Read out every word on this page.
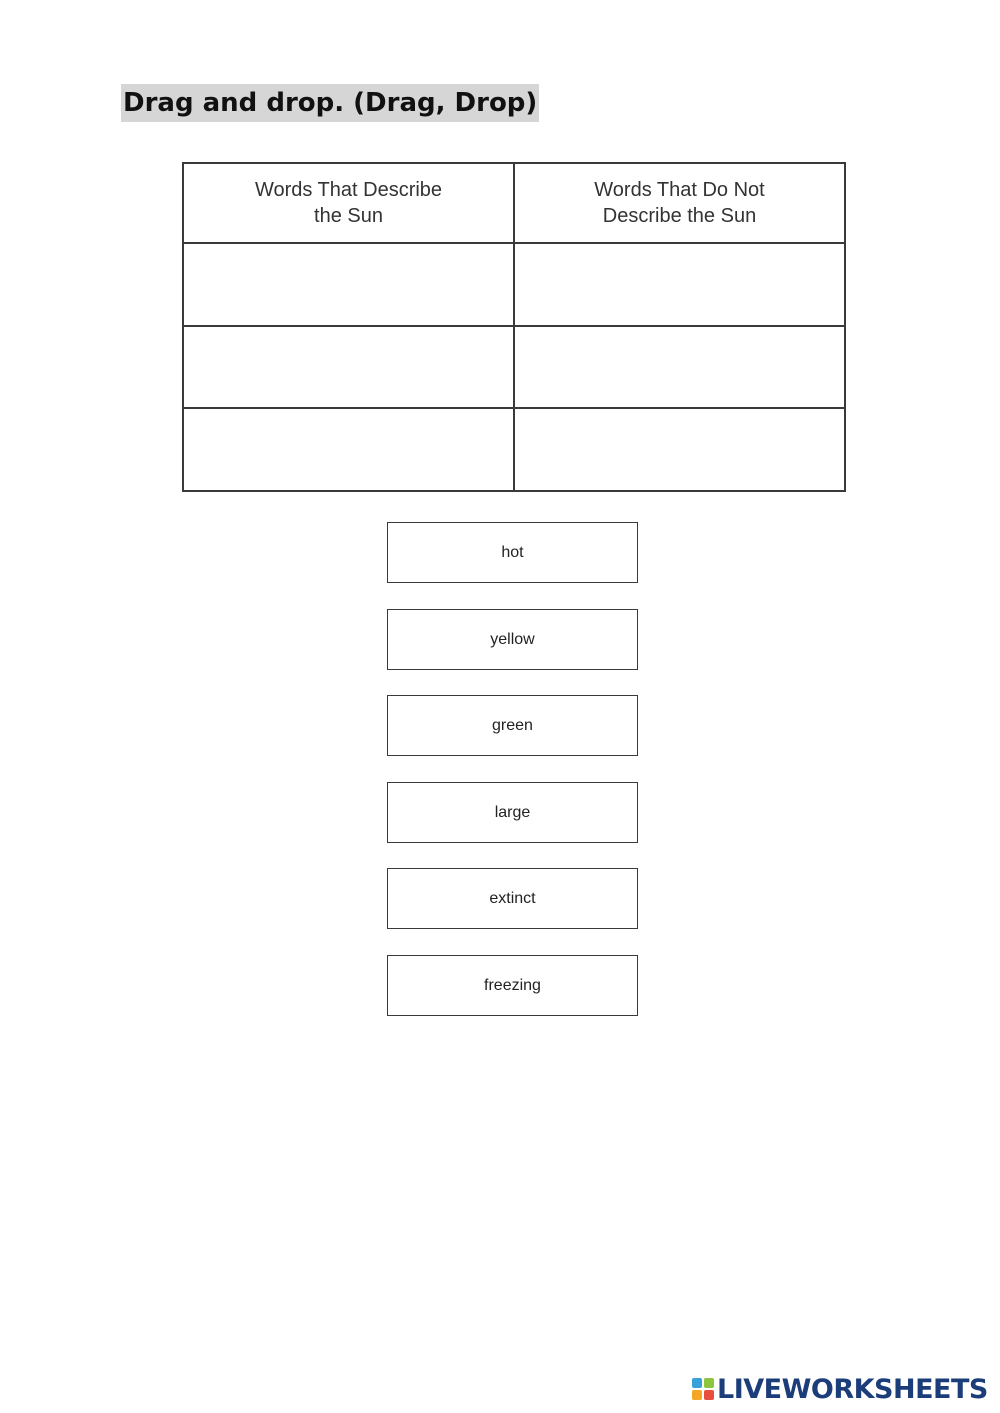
Drag and drop. (Drag, Drop)
Words That Describe the Sun	Words That Do Not Describe the Sun

hot
yellow
green
large
extinct
freezing
LIVEWORKSHEETS
